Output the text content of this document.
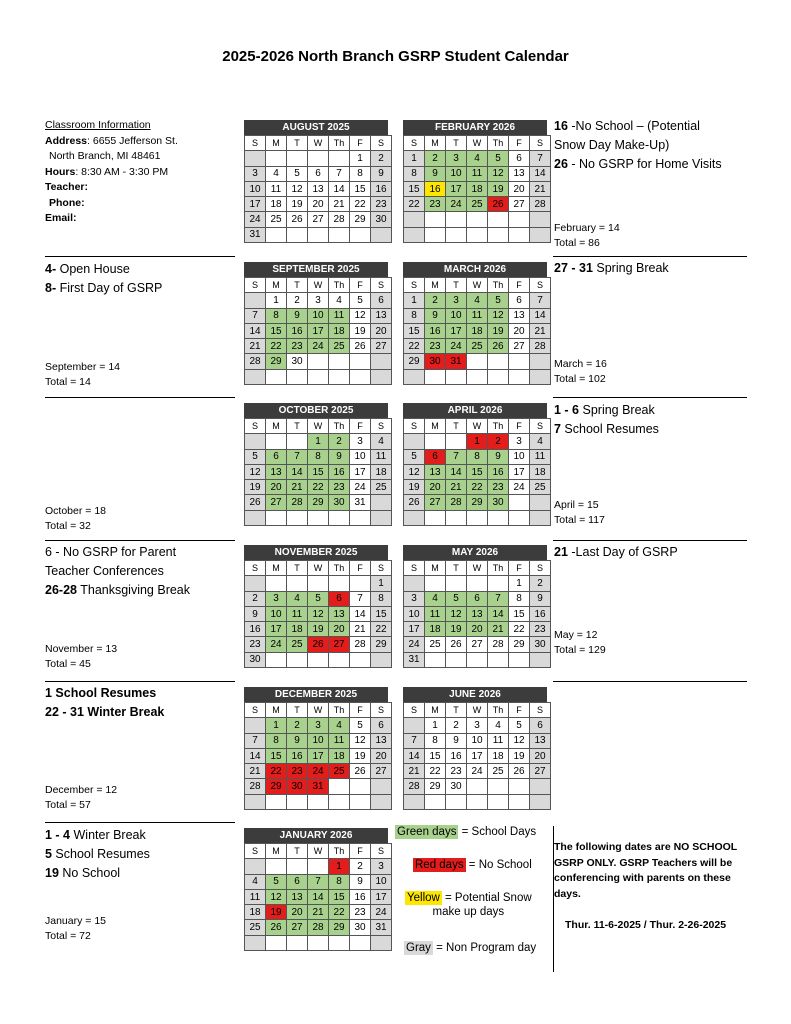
2025-2026 North Branch GSRP Student Calendar
Classroom Information
Address: 6655 Jefferson St.
North Branch, MI 48461
Hours: 8:30 AM - 3:30 PM
Teacher:
Phone:
Email:
4- Open House
8- First Day of GSRP
September = 14
Total = 14
October = 18
Total = 32
6 - No GSRP for Parent
Teacher Conferences
26-28 Thanksgiving Break
November = 13
Total = 45
1 School Resumes
22 - 31 Winter Break
December = 12
Total = 57
1 - 4 Winter Break
5 School Resumes
19 No School
January = 15
Total = 72
16 -No School – (Potential
Snow Day Make-Up)
26 - No GSRP for Home Visits
February = 14
Total = 86
27 - 31 Spring Break
March = 16
Total = 102
1 - 6 Spring Break
7 School Resumes
April = 15
Total = 117
21 -Last Day of GSRP
May = 12
Total = 129
AUGUST 2025
S	M	T	W	Th	F	S
					1	2
3	4	5	6	7	8	9
10	11	12	13	14	15	16
17	18	19	20	21	22	23
24	25	26	27	28	29	30
31						
FEBRUARY 2026
S	M	T	W	Th	F	S
1	2	3	4	5	6	7
8	9	10	11	12	13	14
15	16	17	18	19	20	21
22	23	24	25	26	27	28

SEPTEMBER 2025
S	M	T	W	Th	F	S
	1	2	3	4	5	6
7	8	9	10	11	12	13
14	15	16	17	18	19	20
21	22	23	24	25	26	27
28	29	30				

MARCH 2026
S	M	T	W	Th	F	S
1	2	3	4	5	6	7
8	9	10	11	12	13	14
15	16	17	18	19	20	21
22	23	24	25	26	27	28
29	30	31				

OCTOBER 2025
S	M	T	W	Th	F	S
			1	2	3	4
5	6	7	8	9	10	11
12	13	14	15	16	17	18
19	20	21	22	23	24	25
26	27	28	29	30	31	

APRIL 2026
S	M	T	W	Th	F	S
			1	2	3	4
5	6	7	8	9	10	11
12	13	14	15	16	17	18
19	20	21	22	23	24	25
26	27	28	29	30		

NOVEMBER 2025
S	M	T	W	Th	F	S
						1
2	3	4	5	6	7	8
9	10	11	12	13	14	15
16	17	18	19	20	21	22
23	24	25	26	27	28	29
30						
MAY 2026
S	M	T	W	Th	F	S
					1	2
3	4	5	6	7	8	9
10	11	12	13	14	15	16
17	18	19	20	21	22	23
24	25	26	27	28	29	30
31						
DECEMBER 2025
S	M	T	W	Th	F	S
	1	2	3	4	5	6
7	8	9	10	11	12	13
14	15	16	17	18	19	20
21	22	23	24	25	26	27
28	29	30	31			

JUNE 2026
S	M	T	W	Th	F	S
	1	2	3	4	5	6
7	8	9	10	11	12	13
14	15	16	17	18	19	20
21	22	23	24	25	26	27
28	29	30				

JANUARY 2026
S	M	T	W	Th	F	S
				1	2	3
4	5	6	7	8	9	10
11	12	13	14	15	16	17
18	19	20	21	22	23	24
25	26	27	28	29	30	31

Green days = School Days
Red days = No School
Yellow = Potential Snow
make up days
Gray = Non Program day
The following dates are NO SCHOOL GSRP ONLY. GSRP Teachers will be conferencing with parents on these days.
Thur. 11-6-2025 / Thur. 2-26-2025
